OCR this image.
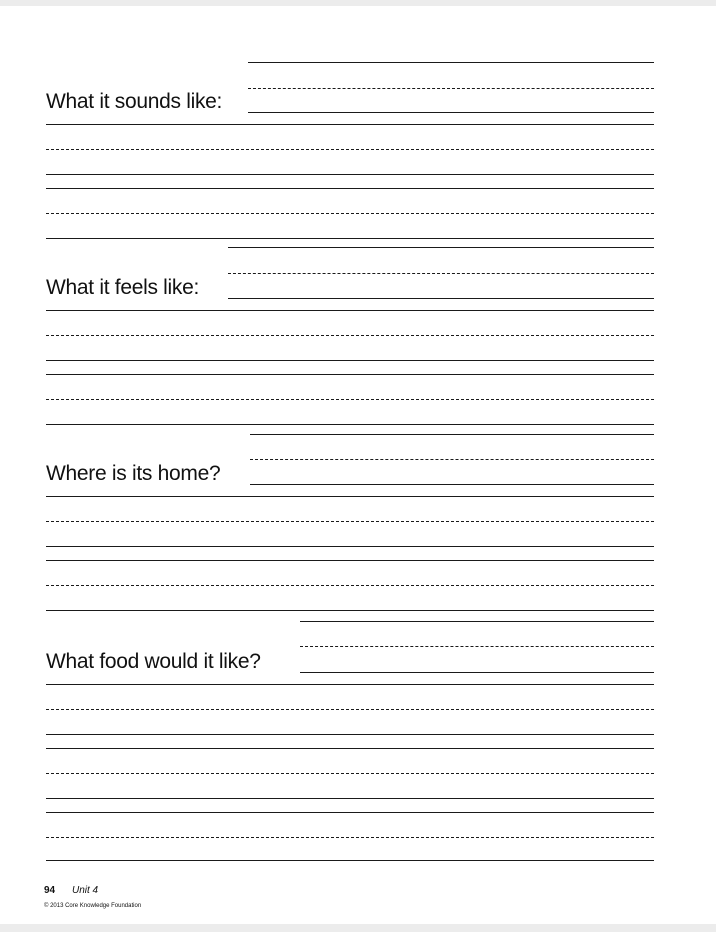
What it sounds like:
What it feels like:
Where is its home?
What food would it like?
94 Unit 4
© 2013 Core Knowledge Foundation
